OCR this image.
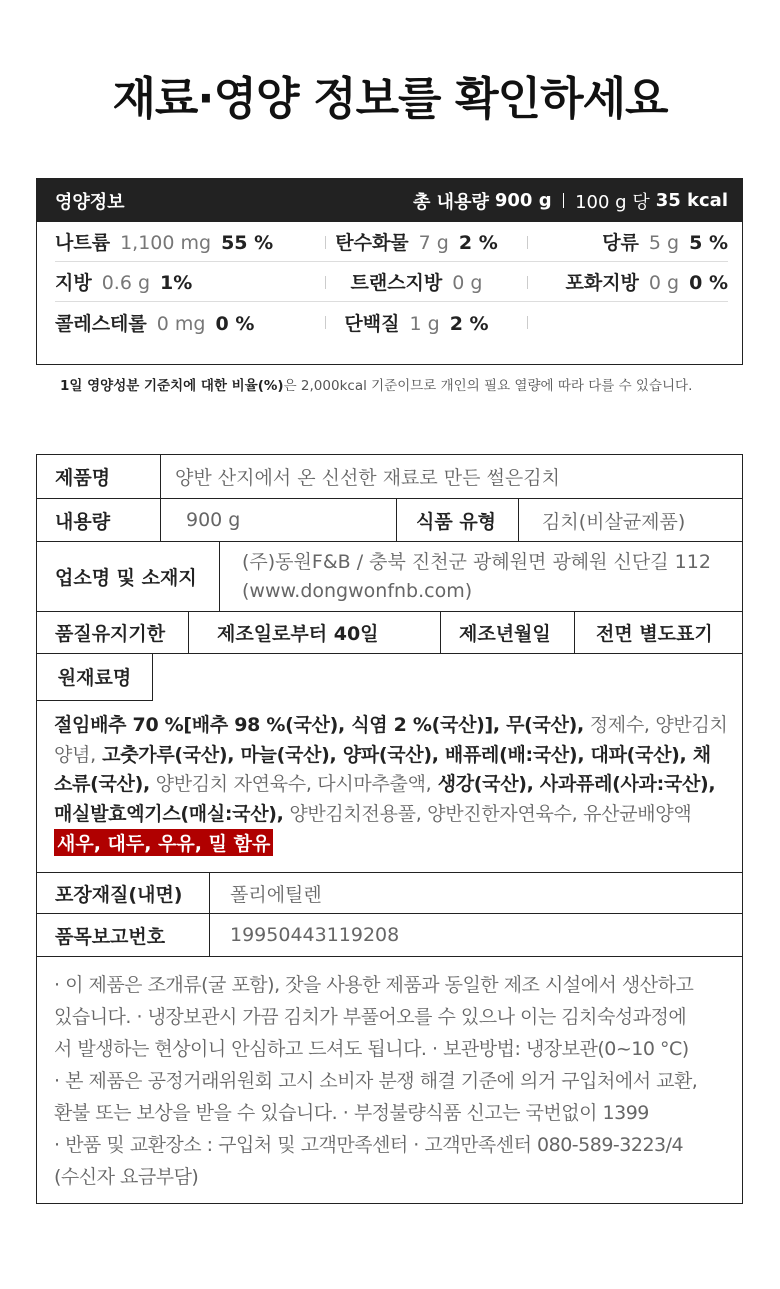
재료·영양 정보를 확인하세요
영양정보	총 내용량 900 g 100 g 당 35 kcal
나트륨 1,100 mg 55 %	탄수화물 7 g 2 %	당류 5 g 5 %
지방 0.6 g 1%	트랜스지방 0 g	포화지방 0 g 0 %
콜레스테롤 0 mg 0 %	단백질 1 g 2 %
1일 영양성분 기준치에 대한 비율(%)은 2,000kcal 기준이므로 개인의 필요 열량에 따라 다를 수 있습니다.
제품명	양반 산지에서 온 신선한 재료로 만든 썰은김치
내용량	900 g	식품 유형	김치(비살균제품)
업소명 및 소재지
(주)동원F&B / 충북 진천군 광혜원면 광혜원 신단길 112
(www.dongwonfnb.com)
품질유지기한	제조일로부터 40일	제조년월일	전면 별도표기
원재료명
절임배추 70 %[배추 98 %(국산), 식염 2 %(국산)], 무(국산), 정제수, 양반김치
양념, 고춧가루(국산), 마늘(국산), 양파(국산), 배퓨레(배:국산), 대파(국산), 채
소류(국산), 양반김치 자연육수, 다시마추출액, 생강(국산), 사과퓨레(사과:국산),
매실발효엑기스(매실:국산), 양반김치전용풀, 양반진한자연육수, 유산균배양액
새우, 대두, 우유, 밀 함유
포장재질(내면)	폴리에틸렌
품목보고번호	19950443119208
· 이 제품은 조개류(굴 포함), 잣을 사용한 제품과 동일한 제조 시설에서 생산하고
있습니다. · 냉장보관시 가끔 김치가 부풀어오를 수 있으나 이는 김치숙성과정에
서 발생하는 현상이니 안심하고 드셔도 됩니다. · 보관방법: 냉장보관(0~10 °C)
· 본 제품은 공정거래위원회 고시 소비자 분쟁 해결 기준에 의거 구입처에서 교환,
환불 또는 보상을 받을 수 있습니다. · 부정불량식품 신고는 국번없이 1399
· 반품 및 교환장소 : 구입처 및 고객만족센터 · 고객만족센터 080-589-3223/4
(수신자 요금부담)
